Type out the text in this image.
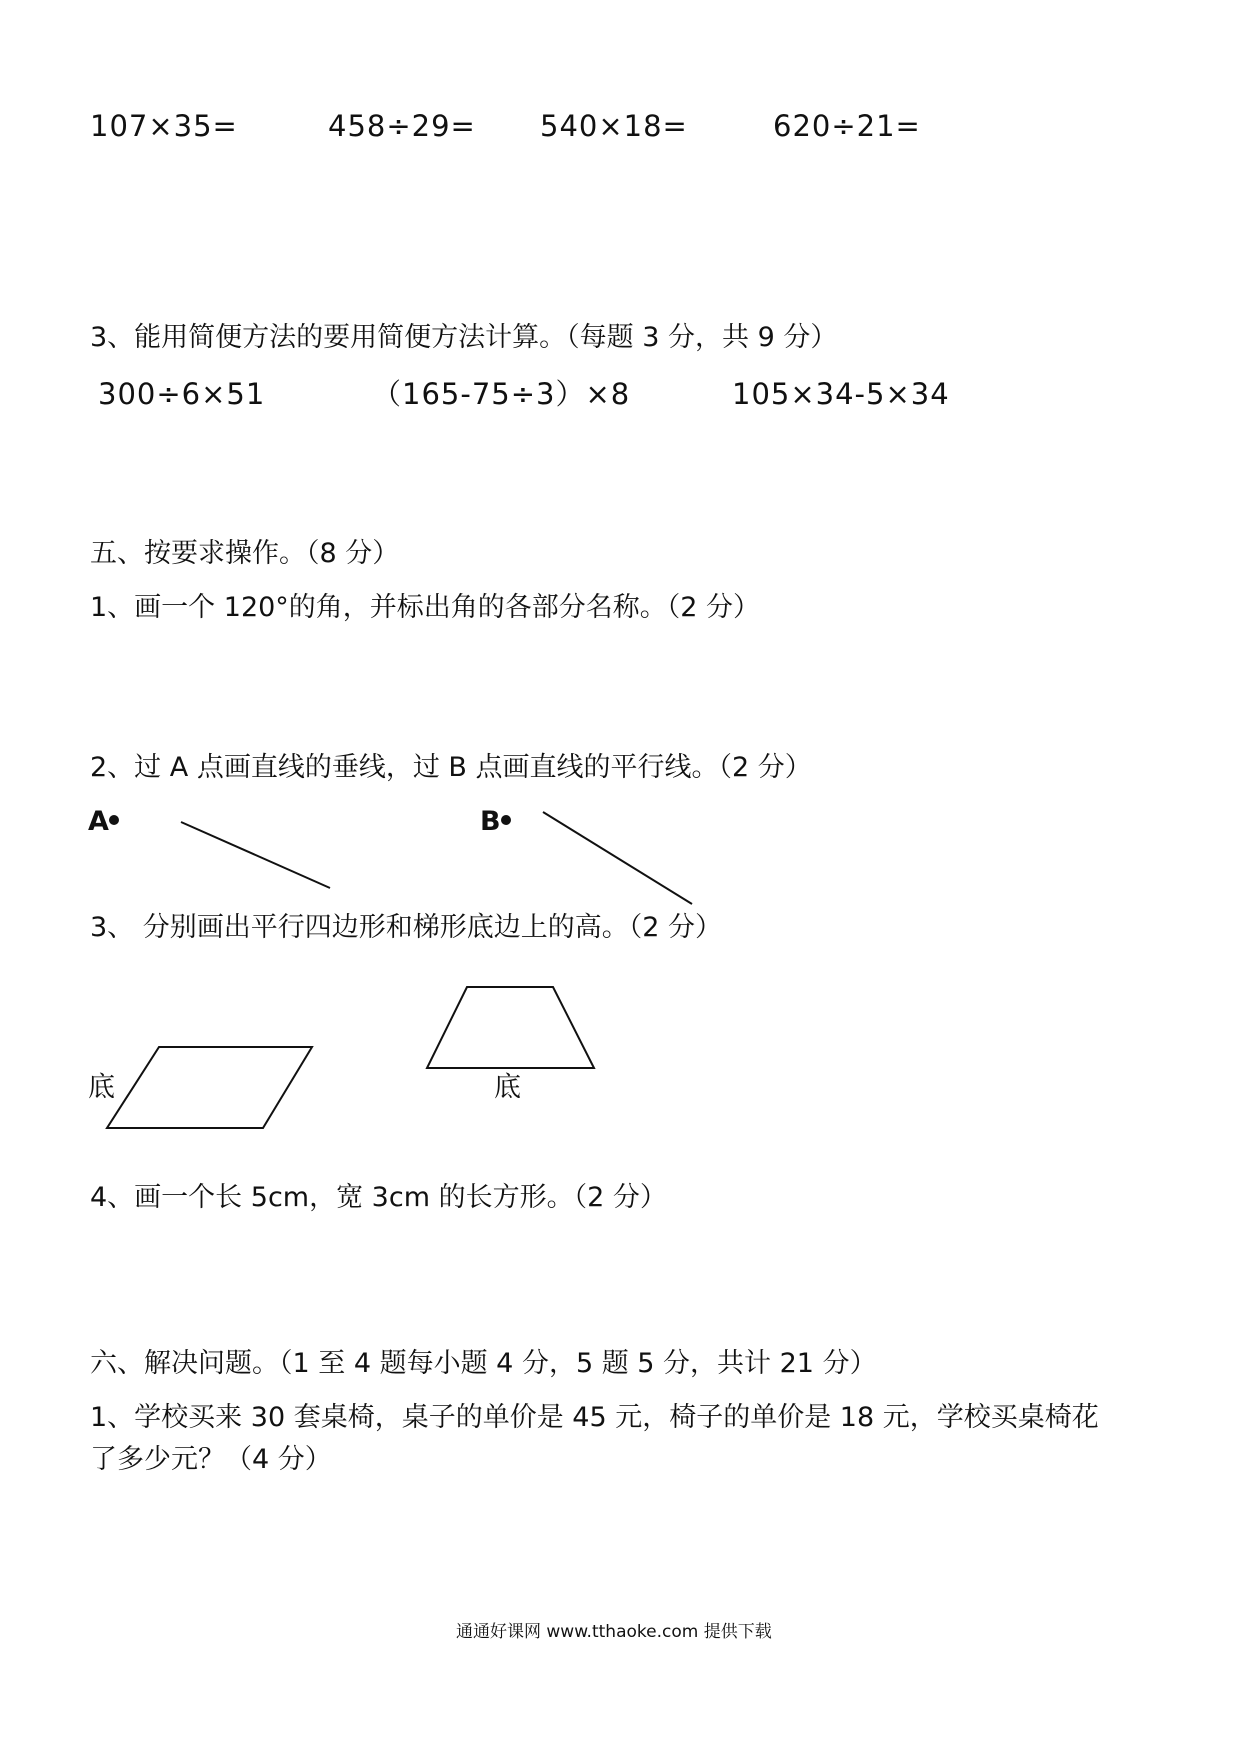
107×35=	458÷29= 540×18=	620÷21=
3、能用简便方法的要用简便方法计算。（每题 3 分，共 9 分）
300÷6×51	（165-75÷3）×8	105×34-5×34
五、按要求操作。（8 分）
1、画一个 120°的角，并标出角的各部分名称。（2 分）
2、过 A 点画直线的垂线，过 B 点画直线的平行线。（2 分）
A	B
3、 分别画出平行四边形和梯形底边上的高。（2 分）
底	底
4、画一个长 5cm，宽 3cm 的长方形。（2 分）
六、解决问题。（1 至 4 题每小题 4 分，5 题 5 分，共计 21 分）
1、学校买来 30 套桌椅，桌子的单价是 45 元，椅子的单价是 18 元，学校买桌椅花
了多少元？（4 分）
通通好课网 www.tthaoke.com 提供下载
